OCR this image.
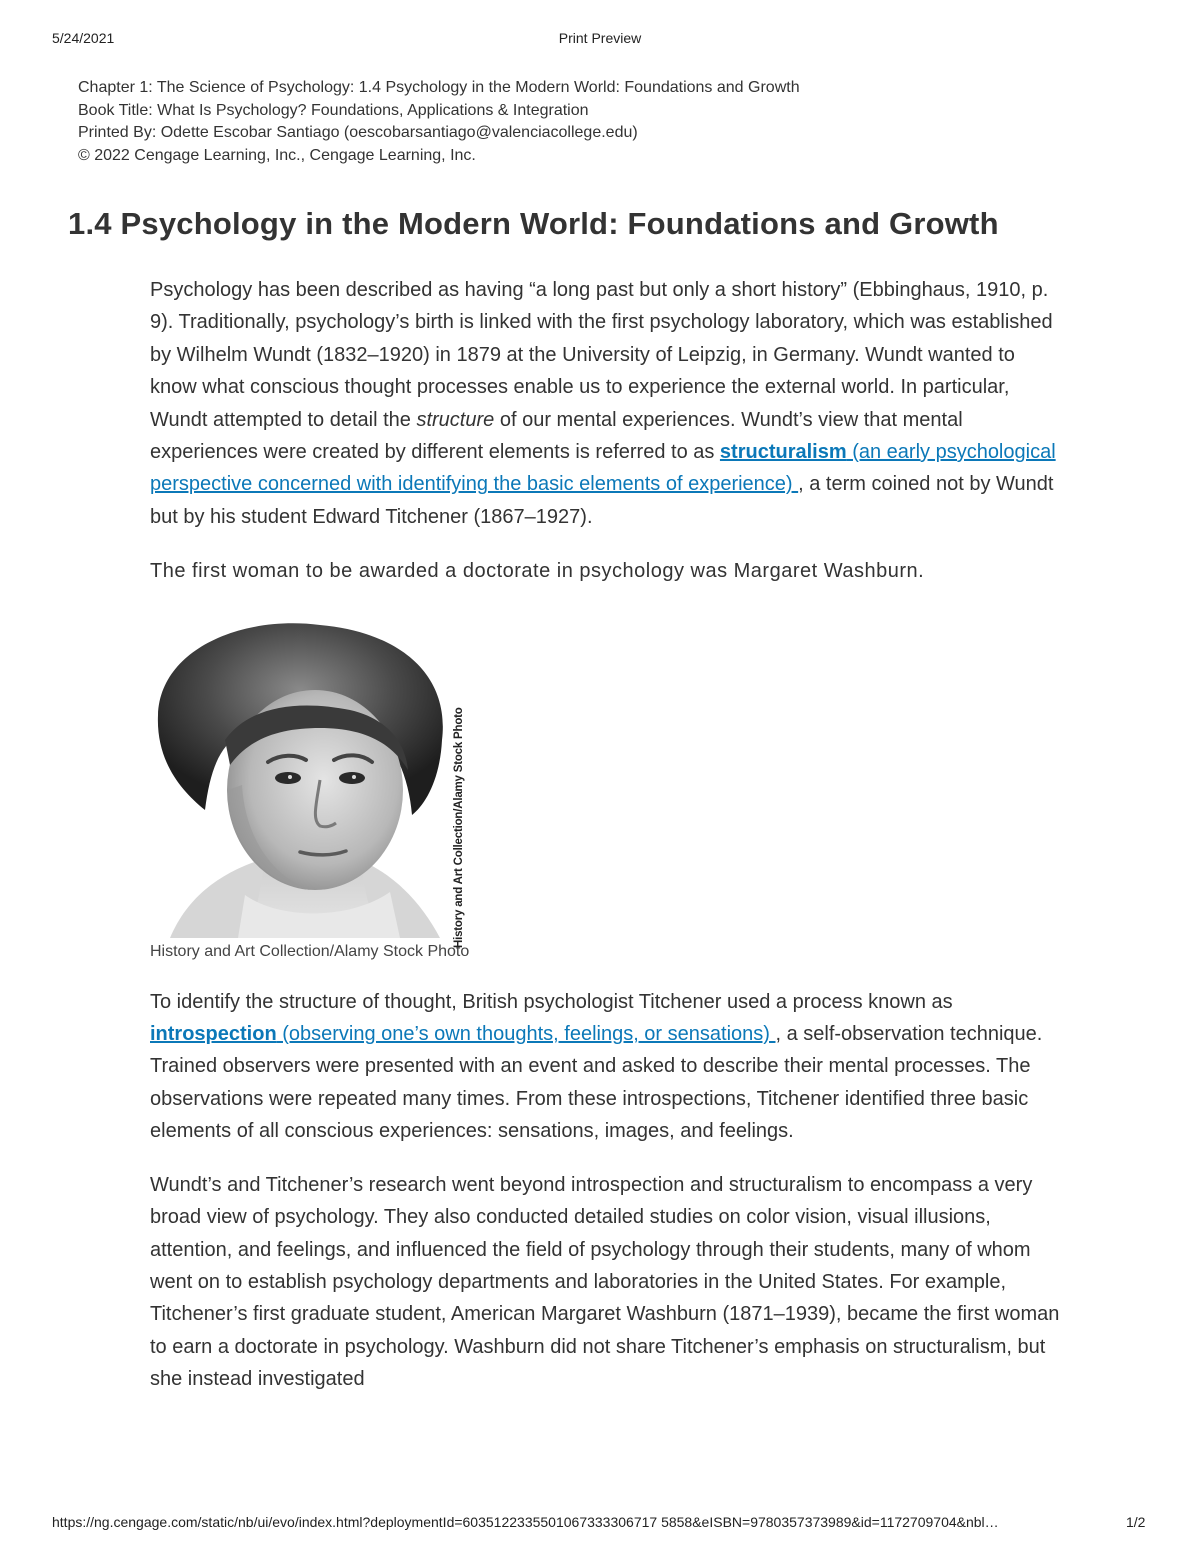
5/24/2021	Print Preview
Chapter 1: The Science of Psychology: 1.4 Psychology in the Modern World: Foundations and Growth
Book Title: What Is Psychology? Foundations, Applications & Integration
Printed By: Odette Escobar Santiago (oescobarsantiago@valenciacollege.edu)
© 2022 Cengage Learning, Inc., Cengage Learning, Inc.
1.4 Psychology in the Modern World: Foundations and Growth

Psychology has been described as having “a long past but only a short history” (Ebbinghaus, 1910, p. 9). Traditionally, psychology’s birth is linked with the first psychology laboratory, which was established by Wilhelm Wundt (1832–1920) in 1879 at the University of Leipzig, in Germany. Wundt wanted to know what conscious thought processes enable us to experience the external world. In particular, Wundt attempted to detail the structure of our mental experiences. Wundt’s view that mental experiences were created by different elements is referred to as structuralism (an early psychological perspective concerned with identifying the basic elements of experience) , a term coined not by Wundt but by his student Edward Titchener (1867–1927).

The first woman to be awarded a doctorate in psychology was Margaret Washburn.

History and Art Collection/Alamy Stock Photo
History and Art Collection/Alamy Stock Photo

To identify the structure of thought, British psychologist Titchener used a process known as introspection (observing one’s own thoughts, feelings, or sensations) , a self-observation technique. Trained observers were presented with an event and asked to describe their mental processes. The observations were repeated many times. From these introspections, Titchener identified three basic elements of all conscious experiences: sensations, images, and feelings.

Wundt’s and Titchener’s research went beyond introspection and structuralism to encompass a very broad view of psychology. They also conducted detailed studies on color vision, visual illusions, attention, and feelings, and influenced the field of psychology through their students, many of whom went on to establish psychology departments and laboratories in the United States. For example, Titchener’s first graduate student, American Margaret Washburn (1871–1939), became the first woman to earn a doctorate in psychology. Washburn did not share Titchener’s emphasis on structuralism, but she instead investigated

https://ng.cengage.com/static/nb/ui/evo/index.html?deploymentId=6035122335501067333306717 5858&eISBN=9780357373989&id=1172709704&nbl…	1/2
